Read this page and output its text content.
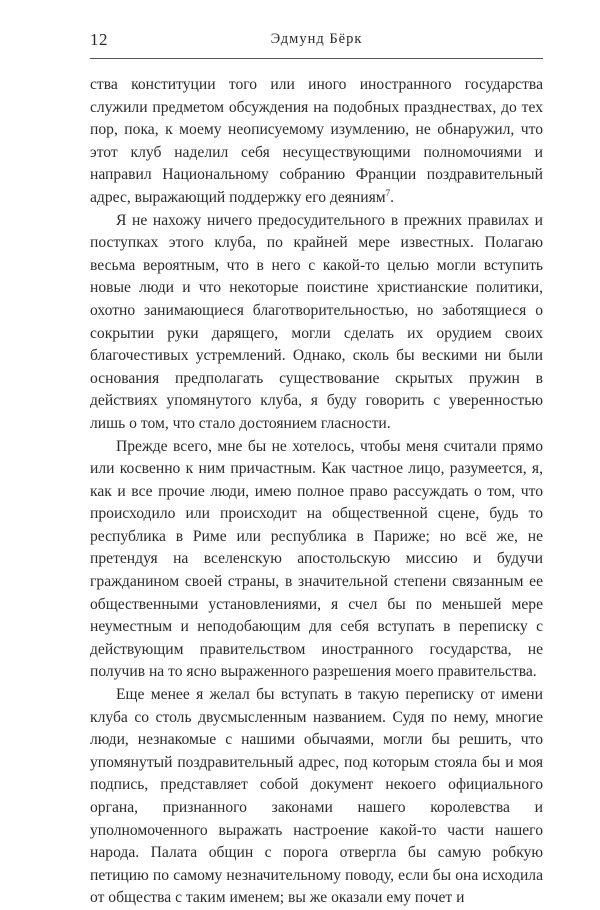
12	Эдмунд Бёрк

ства конституции того или иного иностранного государства служили предметом обсуждения на подобных празднествах, до тех пор, пока, к моему неописуемому изумлению, не обнаружил, что этот клуб наделил себя несуществующими полномочиями и направил Национальному собранию Франции поздравительный адрес, выражающий поддержку его деяниям$^7$.

Я не нахожу ничего предосудительного в прежних правилах и поступках этого клуба, по крайней мере известных. Полагаю весьма вероятным, что в него с какой-то целью могли вступить новые люди и что некоторые поистине христианские политики, охотно занимающиеся благотворительностью, но заботящиеся о сокрытии руки дарящего, могли сделать их орудием своих благочестивых устремлений. Однако, сколь бы вескими ни были основания предполагать существование скрытых пружин в действиях упомянутого клуба, я буду говорить с уверенностью лишь о том, что стало достоянием гласности.

Прежде всего, мне бы не хотелось, чтобы меня считали прямо или косвенно к ним причастным. Как частное лицо, разумеется, я, как и все прочие люди, имею полное право рассуждать о том, что происходило или происходит на общественной сцене, будь то республика в Риме или республика в Париже; но всё же, не претендуя на вселенскую апостольскую миссию и будучи гражданином своей страны, в значительной степени связанным ее общественными установлениями, я счел бы по меньшей мере неуместным и неподобающим для себя вступать в переписку с действующим правительством иностранного государства, не получив на то ясно выраженного разрешения моего правительства.

Еще менее я желал бы вступать в такую переписку от имени клуба со столь двусмысленным названием. Судя по нему, многие люди, незнакомые с нашими обычаями, могли бы решить, что упомянутый поздравительный адрес, под которым стояла бы и моя подпись, представляет собой документ некоего официального органа, признанного законами нашего королевства и уполномоченного выражать настроение какой-то части нашего народа. Палата общин с порога отвергла бы самую робкую петицию по самому незначительному поводу, если бы она исходила от общества с таким именем; вы же оказали ему почет и
